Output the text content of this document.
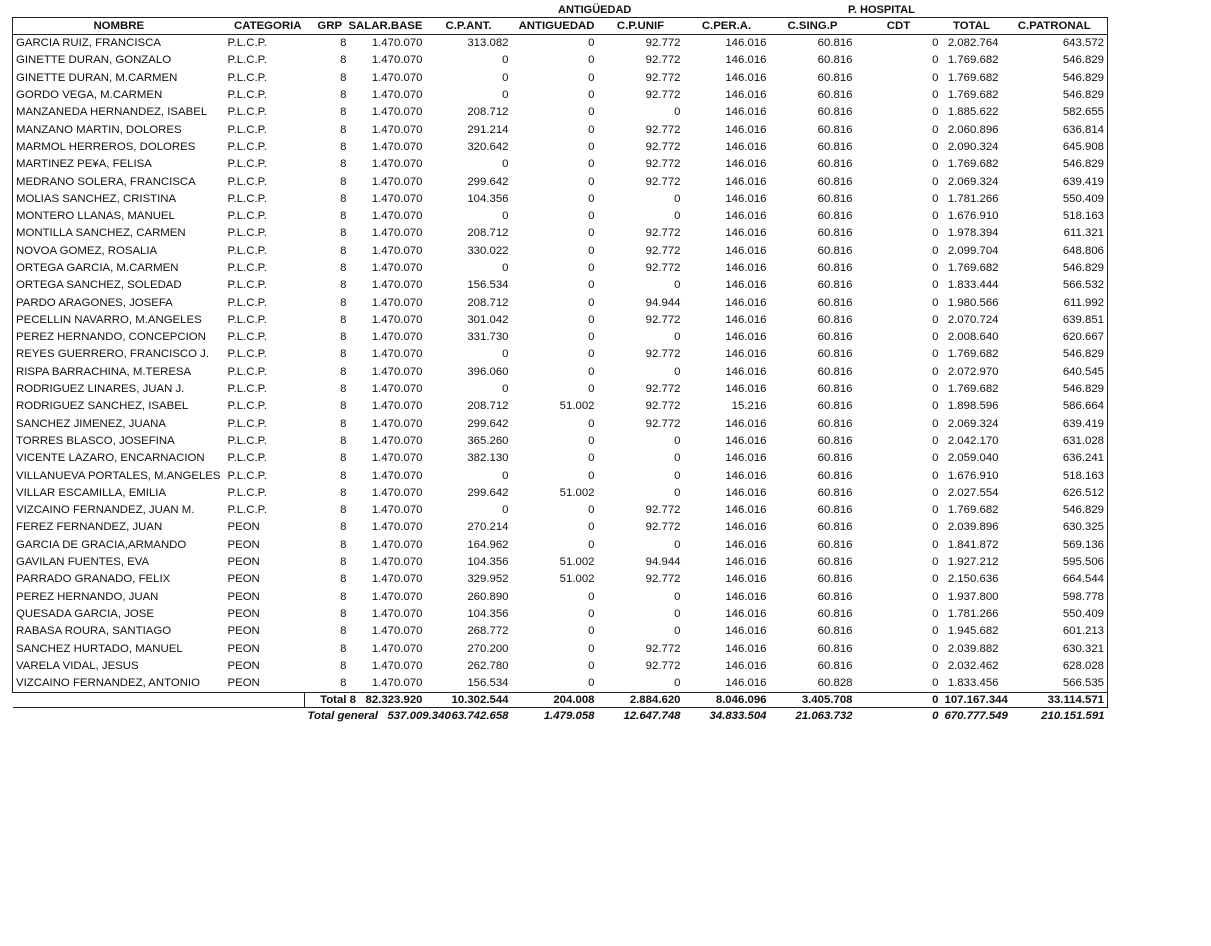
ANTIGÜEDAD	P. HOSPITAL
NOMBRE	CATEGORIA	GRP SALAR.BASE	C.P.ANT.	ANTIGUEDAD	C.P.UNIF	C.PER.A.	C.SING.P	CDT	TOTAL	C.PATRONAL
GARCIA RUIZ, FRANCISCA	P.L.C.P.	8 1.470.070	313.082	0	92.772	146.016	60.816	0	2.082.764	643.572
GINETTE DURAN, GONZALO	P.L.C.P.	8 1.470.070	0	0	92.772	146.016	60.816	0	1.769.682	546.829
GINETTE DURAN, M.CARMEN	P.L.C.P.	8 1.470.070	0	0	92.772	146.016	60.816	0	1.769.682	546.829
GORDO VEGA, M.CARMEN	P.L.C.P.	8 1.470.070	0	0	92.772	146.016	60.816	0	1.769.682	546.829
MANZANEDA HERNANDEZ, ISABEL	P.L.C.P.	8 1.470.070	208.712	0	0	146.016	60.816	0	1.885.622	582.655
MANZANO MARTIN, DOLORES	P.L.C.P.	8 1.470.070	291.214	0	92.772	146.016	60.816	0	2.060.896	636.814
MARMOL HERREROS, DOLORES	P.L.C.P.	8 1.470.070	320.642	0	92.772	146.016	60.816	0	2.090.324	645.908
MARTINEZ PE¥A, FELISA	P.L.C.P.	8 1.470.070	0	0	92.772	146.016	60.816	0	1.769.682	546.829
MEDRANO SOLERA, FRANCISCA	P.L.C.P.	8 1.470.070	299.642	0	92.772	146.016	60.816	0	2.069.324	639.419
MOLIAS SANCHEZ, CRISTINA	P.L.C.P.	8 1.470.070	104.356	0	0	146.016	60.816	0	1.781.266	550.409
MONTERO LLANAS, MANUEL	P.L.C.P.	8 1.470.070	0	0	0	146.016	60.816	0	1.676.910	518.163
MONTILLA SANCHEZ, CARMEN	P.L.C.P.	8 1.470.070	208.712	0	92.772	146.016	60.816	0	1.978.394	611.321
NOVOA GOMEZ, ROSALIA	P.L.C.P.	8 1.470.070	330.022	0	92.772	146.016	60.816	0	2.099.704	648.806
ORTEGA GARCIA, M.CARMEN	P.L.C.P.	8 1.470.070	0	0	92.772	146.016	60.816	0	1.769.682	546.829
ORTEGA SANCHEZ, SOLEDAD	P.L.C.P.	8 1.470.070	156.534	0	0	146.016	60.816	0	1.833.444	566.532
PARDO ARAGONES, JOSEFA	P.L.C.P.	8 1.470.070	208.712	0	94.944	146.016	60.816	0	1.980.566	611.992
PECELLIN NAVARRO, M.ANGELES	P.L.C.P.	8 1.470.070	301.042	0	92.772	146.016	60.816	0	2.070.724	639.851
PEREZ HERNANDO, CONCEPCION	P.L.C.P.	8 1.470.070	331.730	0	0	146.016	60.816	0	2.008.640	620.667
REYES GUERRERO, FRANCISCO J.	P.L.C.P.	8 1.470.070	0	0	92.772	146.016	60.816	0	1.769.682	546.829
RISPA BARRACHINA, M.TERESA	P.L.C.P.	8 1.470.070	396.060	0	0	146.016	60.816	0	2.072.970	640.545
RODRIGUEZ LINARES, JUAN J.	P.L.C.P.	8 1.470.070	0	0	92.772	146.016	60.816	0	1.769.682	546.829
RODRIGUEZ SANCHEZ, ISABEL	P.L.C.P.	8 1.470.070	208.712	51.002	92.772	15.216	60.816	0	1.898.596	586.664
SANCHEZ JIMENEZ, JUANA	P.L.C.P.	8 1.470.070	299.642	0	92.772	146.016	60.816	0	2.069.324	639.419
TORRES BLASCO, JOSEFINA	P.L.C.P.	8 1.470.070	365.260	0	0	146.016	60.816	0	2.042.170	631.028
VICENTE LAZARO, ENCARNACION	P.L.C.P.	8 1.470.070	382.130	0	0	146.016	60.816	0	2.059.040	636.241
VILLANUEVA PORTALES, M.ANGELES	P.L.C.P.	8 1.470.070	0	0	0	146.016	60.816	0	1.676.910	518.163
VILLAR ESCAMILLA, EMILIA	P.L.C.P.	8 1.470.070	299.642	51.002	0	146.016	60.816	0	2.027.554	626.512
VIZCAINO FERNANDEZ, JUAN M.	P.L.C.P.	8 1.470.070	0	0	92.772	146.016	60.816	0	1.769.682	546.829
FEREZ FERNANDEZ, JUAN	PEON	8 1.470.070	270.214	0	92.772	146.016	60.816	0	2.039.896	630.325
GARCIA DE GRACIA,ARMANDO	PEON	8 1.470.070	164.962	0	0	146.016	60.816	0	1.841.872	569.136
GAVILAN FUENTES, EVA	PEON	8 1.470.070	104.356	51.002	94.944	146.016	60.816	0	1.927.212	595.506
PARRADO GRANADO, FELIX	PEON	8 1.470.070	329.952	51.002	92.772	146.016	60.816	0	2.150.636	664.544
PEREZ HERNANDO, JUAN	PEON	8 1.470.070	260.890	0	0	146.016	60.816	0	1.937.800	598.778
QUESADA GARCIA, JOSE	PEON	8 1.470.070	104.356	0	0	146.016	60.816	0	1.781.266	550.409
RABASA ROURA, SANTIAGO	PEON	8 1.470.070	268.772	0	0	146.016	60.816	0	1.945.682	601.213
SANCHEZ HURTADO, MANUEL	PEON	8 1.470.070	270.200	0	92.772	146.016	60.816	0	2.039.882	630.321
VARELA VIDAL, JESUS	PEON	8 1.470.070	262.780	0	92.772	146.016	60.816	0	2.032.462	628.028
VIZCAINO FERNANDEZ, ANTONIO	PEON	8 1.470.070	156.534	0	0	146.016	60.828	0	1.833.456	566.535
		Total 8 82.323.920	10.302.544	204.008	2.884.620	8.046.096	3.405.708	0	107.167.344	33.114.571
		Total general 537.009.340	63.742.658	1.479.058	12.647.748	34.833.504	21.063.732	0	670.777.549	210.151.591
